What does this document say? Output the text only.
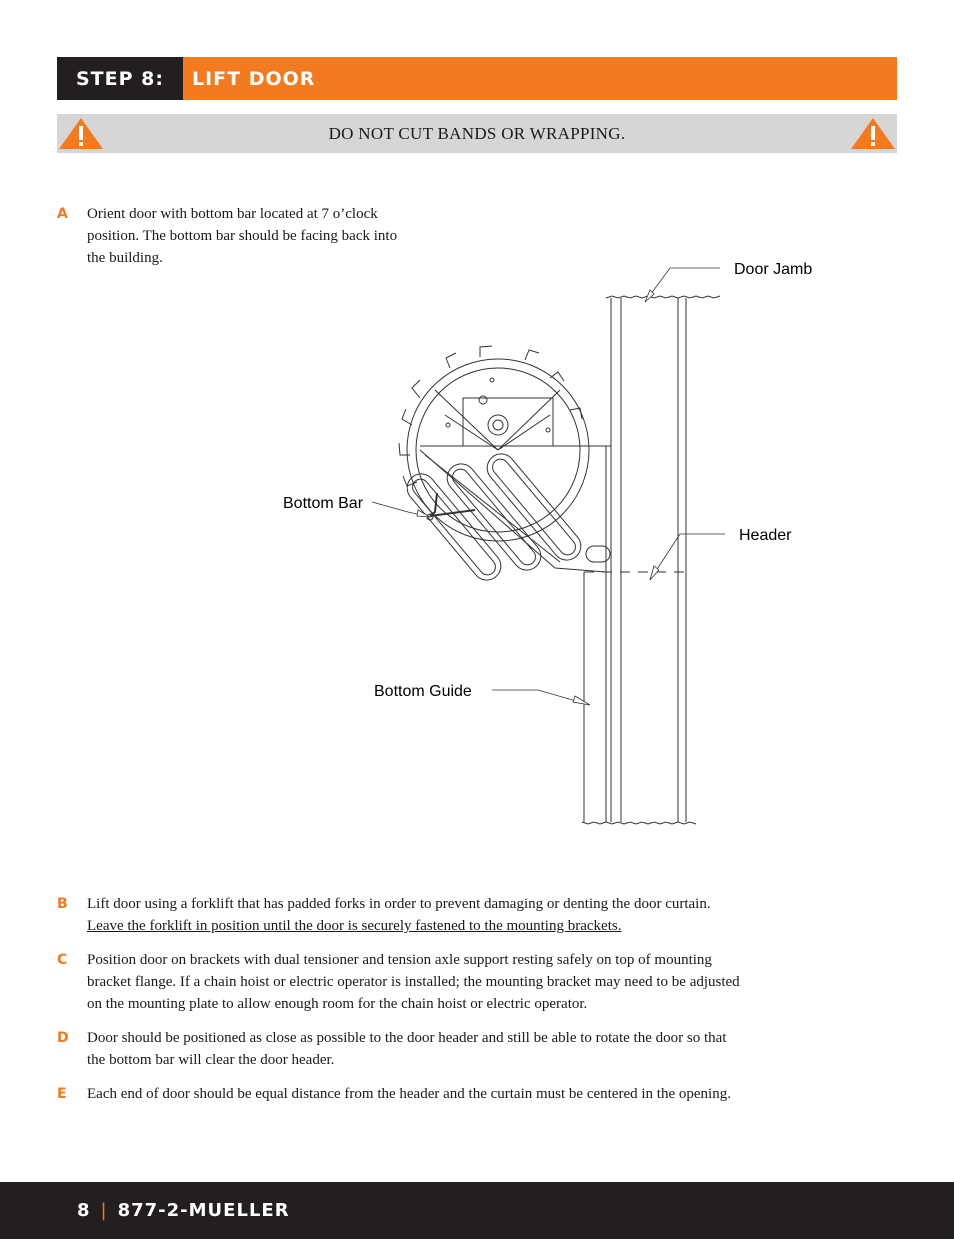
STEP 8:	LIFT DOOR
DO NOT CUT BANDS OR WRAPPING.
A Orient door with bottom bar located at 7 o’clock
position. The bottom bar should be facing back into
the building.
Door Jamb
Bottom Bar
Header
Bottom Guide
B Lift door using a forklift that has padded forks in order to prevent damaging or denting the door curtain.
Leave the forklift in position until the door is securely fastened to the mounting brackets.
C Position door on brackets with dual tensioner and tension axle support resting safely on top of mounting
bracket flange. If a chain hoist or electric operator is installed; the mounting bracket may need to be adjusted
on the mounting plate to allow enough room for the chain hoist or electric operator.
D Door should be positioned as close as possible to the door header and still be able to rotate the door so that
the bottom bar will clear the door header.
E Each end of door should be equal distance from the header and the curtain must be centered in the opening.
8 | 877-2-MUELLER
